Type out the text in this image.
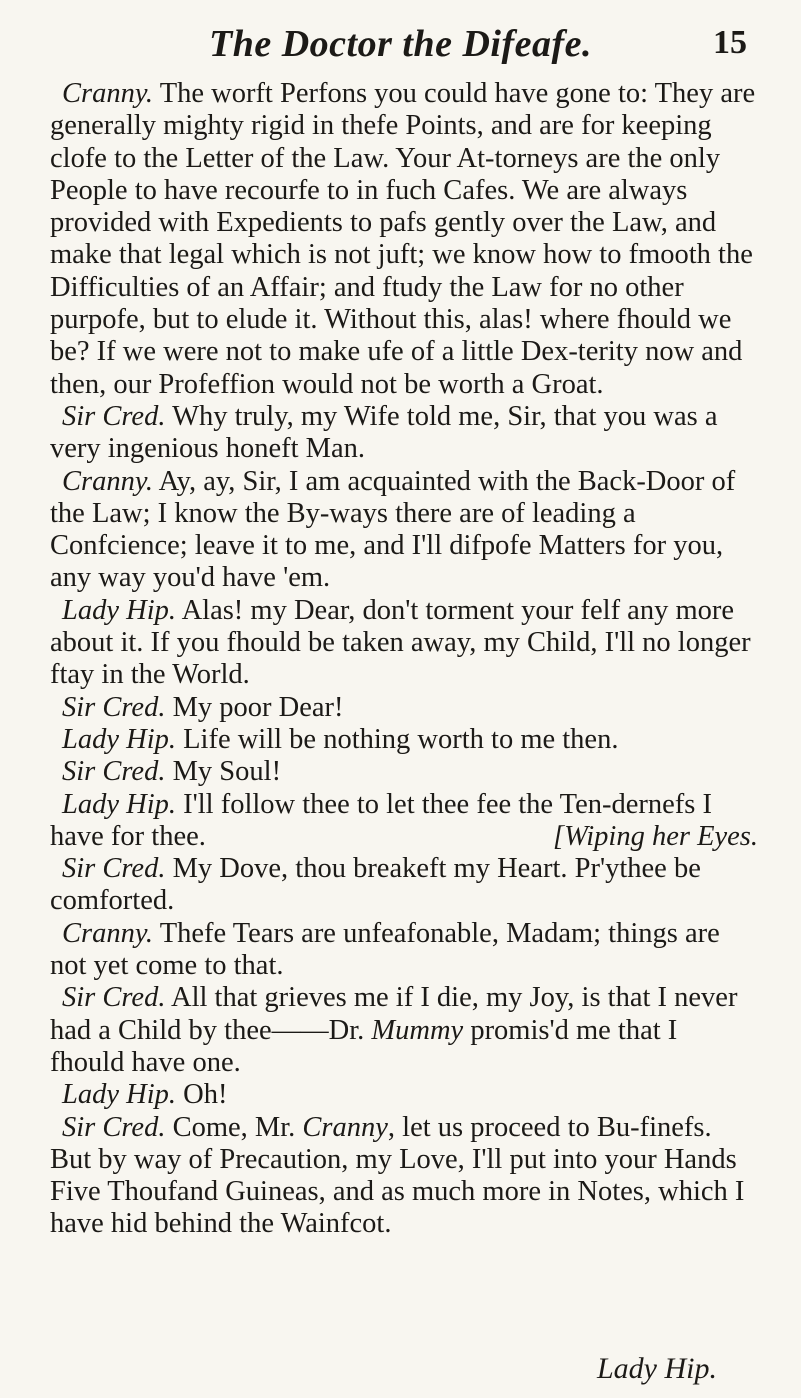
The Doctor the Difeafe.	15
Cranny. The worft Perfons you could have gone to: They are generally mighty rigid in thefe Points, and are for keeping clofe to the Letter of the Law. Your At-torneys are the only People to have recourfe to in fuch Cafes. We are always provided with Expedients to pafs gently over the Law, and make that legal which is not juft; we know how to fmooth the Difficulties of an Affair; and ftudy the Law for no other purpofe, but to elude it. Without this, alas! where fhould we be? If we were not to make ufe of a little Dex-terity now and then, our Profeffion would not be worth a Groat.
Sir Cred. Why truly, my Wife told me, Sir, that you was a very ingenious honeft Man.
Cranny. Ay, ay, Sir, I am acquainted with the Back-Door of the Law; I know the By-ways there are of leading a Confcience; leave it to me, and I'll difpofe Matters for you, any way you'd have 'em.
Lady Hip. Alas! my Dear, don't torment your felf any more about it. If you fhould be taken away, my Child, I'll no longer ftay in the World.
Sir Cred. My poor Dear!
Lady Hip. Life will be nothing worth to me then.
Sir Cred. My Soul!
Lady Hip. I'll follow thee to let thee fee the Ten-dernefs I have for thee.	[Wiping her Eyes.
Sir Cred. My Dove, thou breakeft my Heart. Pr'ythee be comforted.
Cranny. Thefe Tears are unfeafonable, Madam; things are not yet come to that.
Sir Cred. All that grieves me if I die, my Joy, is that I never had a Child by thee——Dr. Mummy promis'd me that I fhould have one.
Lady Hip. Oh!
Sir Cred. Come, Mr. Cranny, let us proceed to Bu-finefs. But by way of Precaution, my Love, I'll put into your Hands Five Thoufand Guineas, and as much more in Notes, which I have hid behind the Wainfcot.
Lady Hip.
